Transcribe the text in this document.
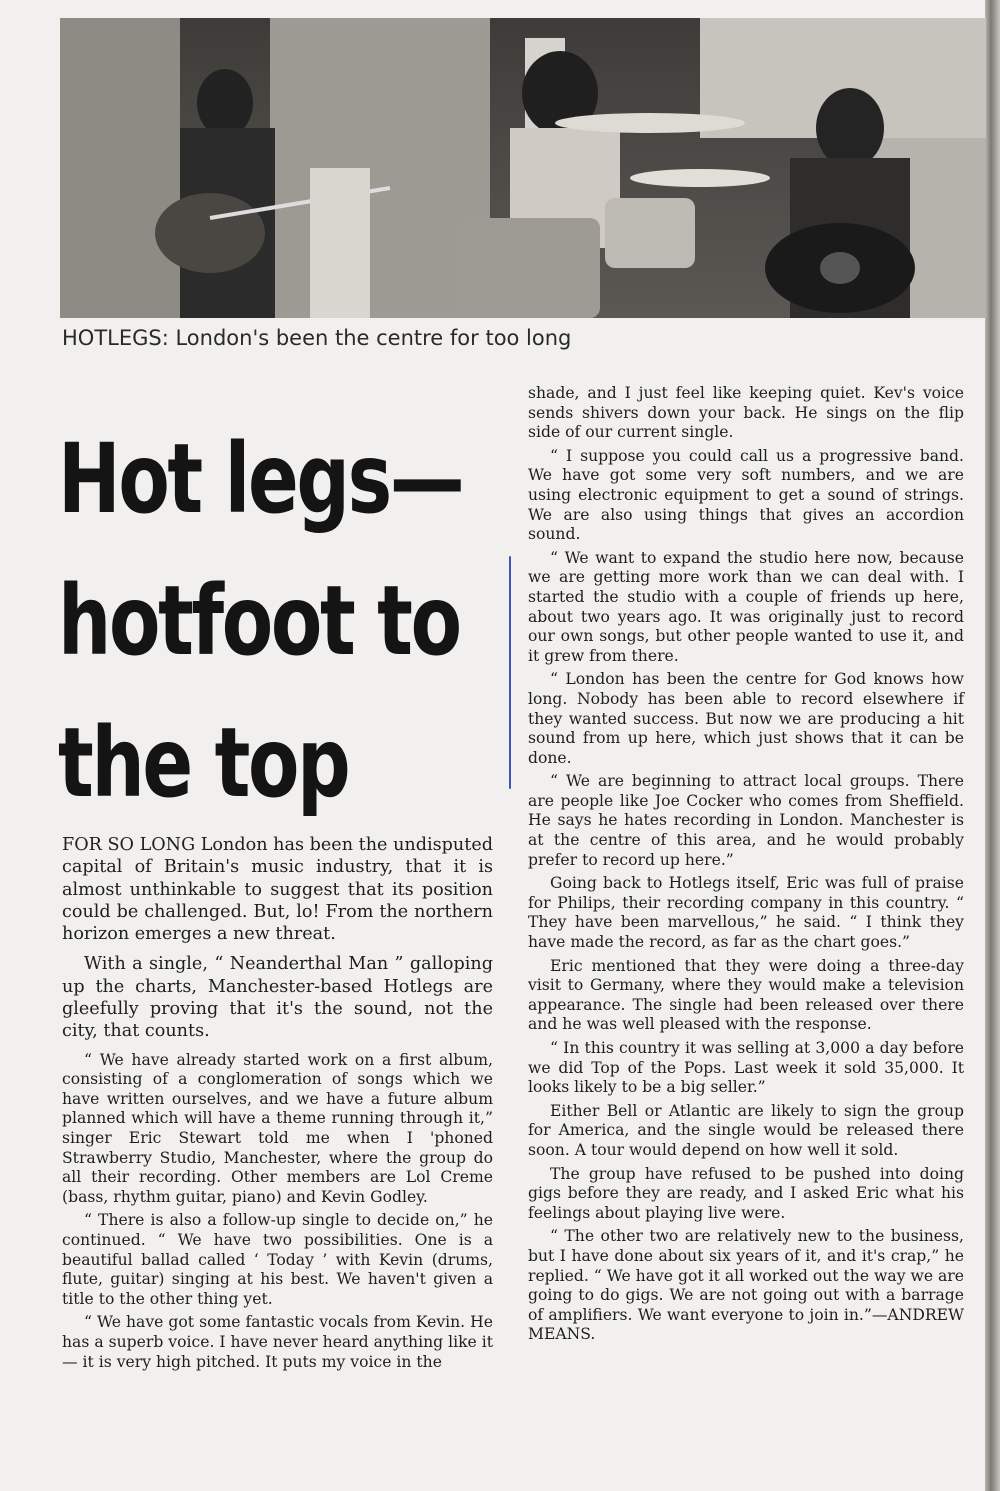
HOTLEGS: London's been the centre for too long
Hot legs—
hotfoot to
the top

FOR SO LONG London has been the undisputed capital of Britain's music industry, that it is almost unthinkable to suggest that its position could be challenged. But, lo! From the northern horizon emerges a new threat.

With a single, “ Neanderthal Man ” galloping up the charts, Manchester-based Hotlegs are gleefully proving that it's the sound, not the city, that counts.

“ We have already started work on a first album, consisting of a conglomeration of songs which we have written ourselves, and we have a future album planned which will have a theme running through it,” singer Eric Stewart told me when I 'phoned Strawberry Studio, Manchester, where the group do all their recording. Other members are Lol Creme (bass, rhythm guitar, piano) and Kevin Godley.

“ There is also a follow-up single to decide on,” he continued. “ We have two possibilities. One is a beautiful ballad called ‘ Today ’ with Kevin (drums, flute, guitar) singing at his best. We haven't given a title to the other thing yet.

“ We have got some fantastic vocals from Kevin. He has a superb voice. I have never heard anything like it — it is very high pitched. It puts my voice in the

shade, and I just feel like keeping quiet. Kev's voice sends shivers down your back. He sings on the flip side of our current single.

“ I suppose you could call us a progressive band. We have got some very soft numbers, and we are using electronic equipment to get a sound of strings. We are also using things that gives an accordion sound.

“ We want to expand the studio here now, because we are getting more work than we can deal with. I started the studio with a couple of friends up here, about two years ago. It was originally just to record our own songs, but other people wanted to use it, and it grew from there.

“ London has been the centre for God knows how long. Nobody has been able to record elsewhere if they wanted success. But now we are producing a hit sound from up here, which just shows that it can be done.

“ We are beginning to attract local groups. There are people like Joe Cocker who comes from Sheffield. He says he hates recording in London. Manchester is at the centre of this area, and he would probably prefer to record up here.”

Going back to Hotlegs itself, Eric was full of praise for Philips, their recording company in this country. “ They have been marvellous,” he said. “ I think they have made the record, as far as the chart goes.”

Eric mentioned that they were doing a three-day visit to Germany, where they would make a television appearance. The single had been released over there and he was well pleased with the response.

“ In this country it was selling at 3,000 a day before we did Top of the Pops. Last week it sold 35,000. It looks likely to be a big seller.”

Either Bell or Atlantic are likely to sign the group for America, and the single would be released there soon. A tour would depend on how well it sold.

The group have refused to be pushed into doing gigs before they are ready, and I asked Eric what his feelings about playing live were.

“ The other two are relatively new to the business, but I have done about six years of it, and it's crap,” he replied. “ We have got it all worked out the way we are going to do gigs. We are not going out with a barrage of amplifiers. We want everyone to join in.”—ANDREW MEANS.
